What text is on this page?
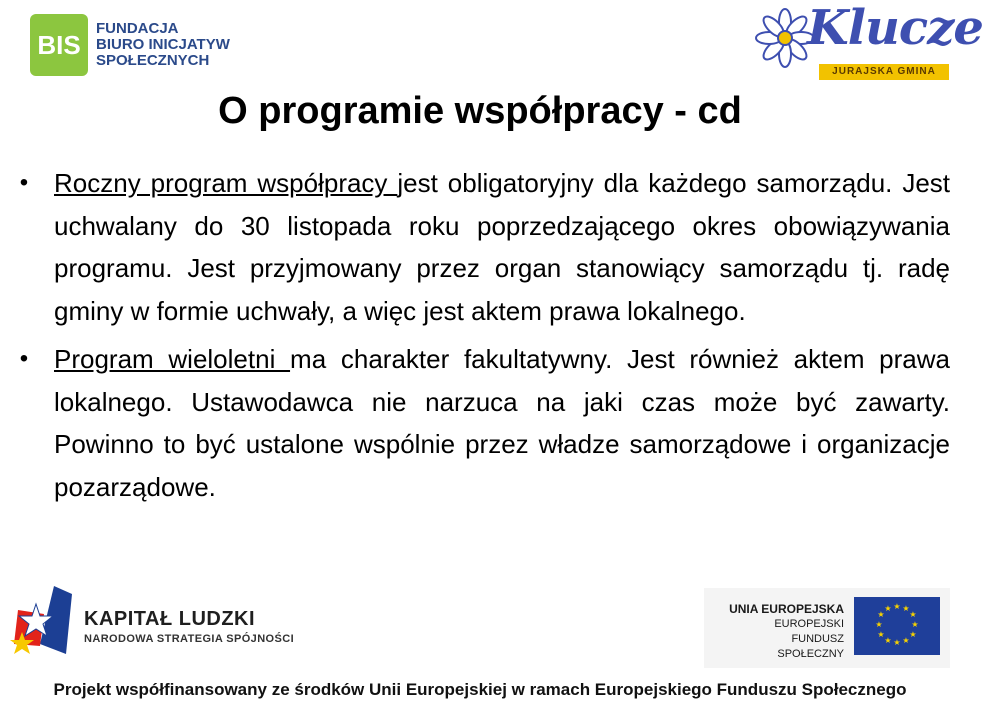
BIS
FUNDACJA
BIURO INICJATYW
SPOŁECZNYCH
Klucze
JURAJSKA GMINA
O programie współpracy - cd
• Roczny program współpracy jest obligatoryjny dla każdego samorządu. Jest uchwalany do 30 listopada roku poprzedzającego okres obowiązywania programu. Jest przyjmowany przez organ stanowiący samorządu tj. radę gminy w formie uchwały, a więc jest aktem prawa lokalnego.
• Program wieloletni ma charakter fakultatywny. Jest również aktem prawa lokalnego. Ustawodawca nie narzuca na jaki czas może być zawarty. Powinno to być ustalone wspólnie przez władze samorządowe i organizacje pozarządowe.
KAPITAŁ LUDZKI
NARODOWA STRATEGIA SPÓJNOŚCI
UNIA EUROPEJSKA
EUROPEJSKI
FUNDUSZ SPOŁECZNY
★ ★
★
★
★
★
★
★
★
★
★
★
Projekt współfinansowany ze środków Unii Europejskiej w ramach Europejskiego Funduszu Społecznego
